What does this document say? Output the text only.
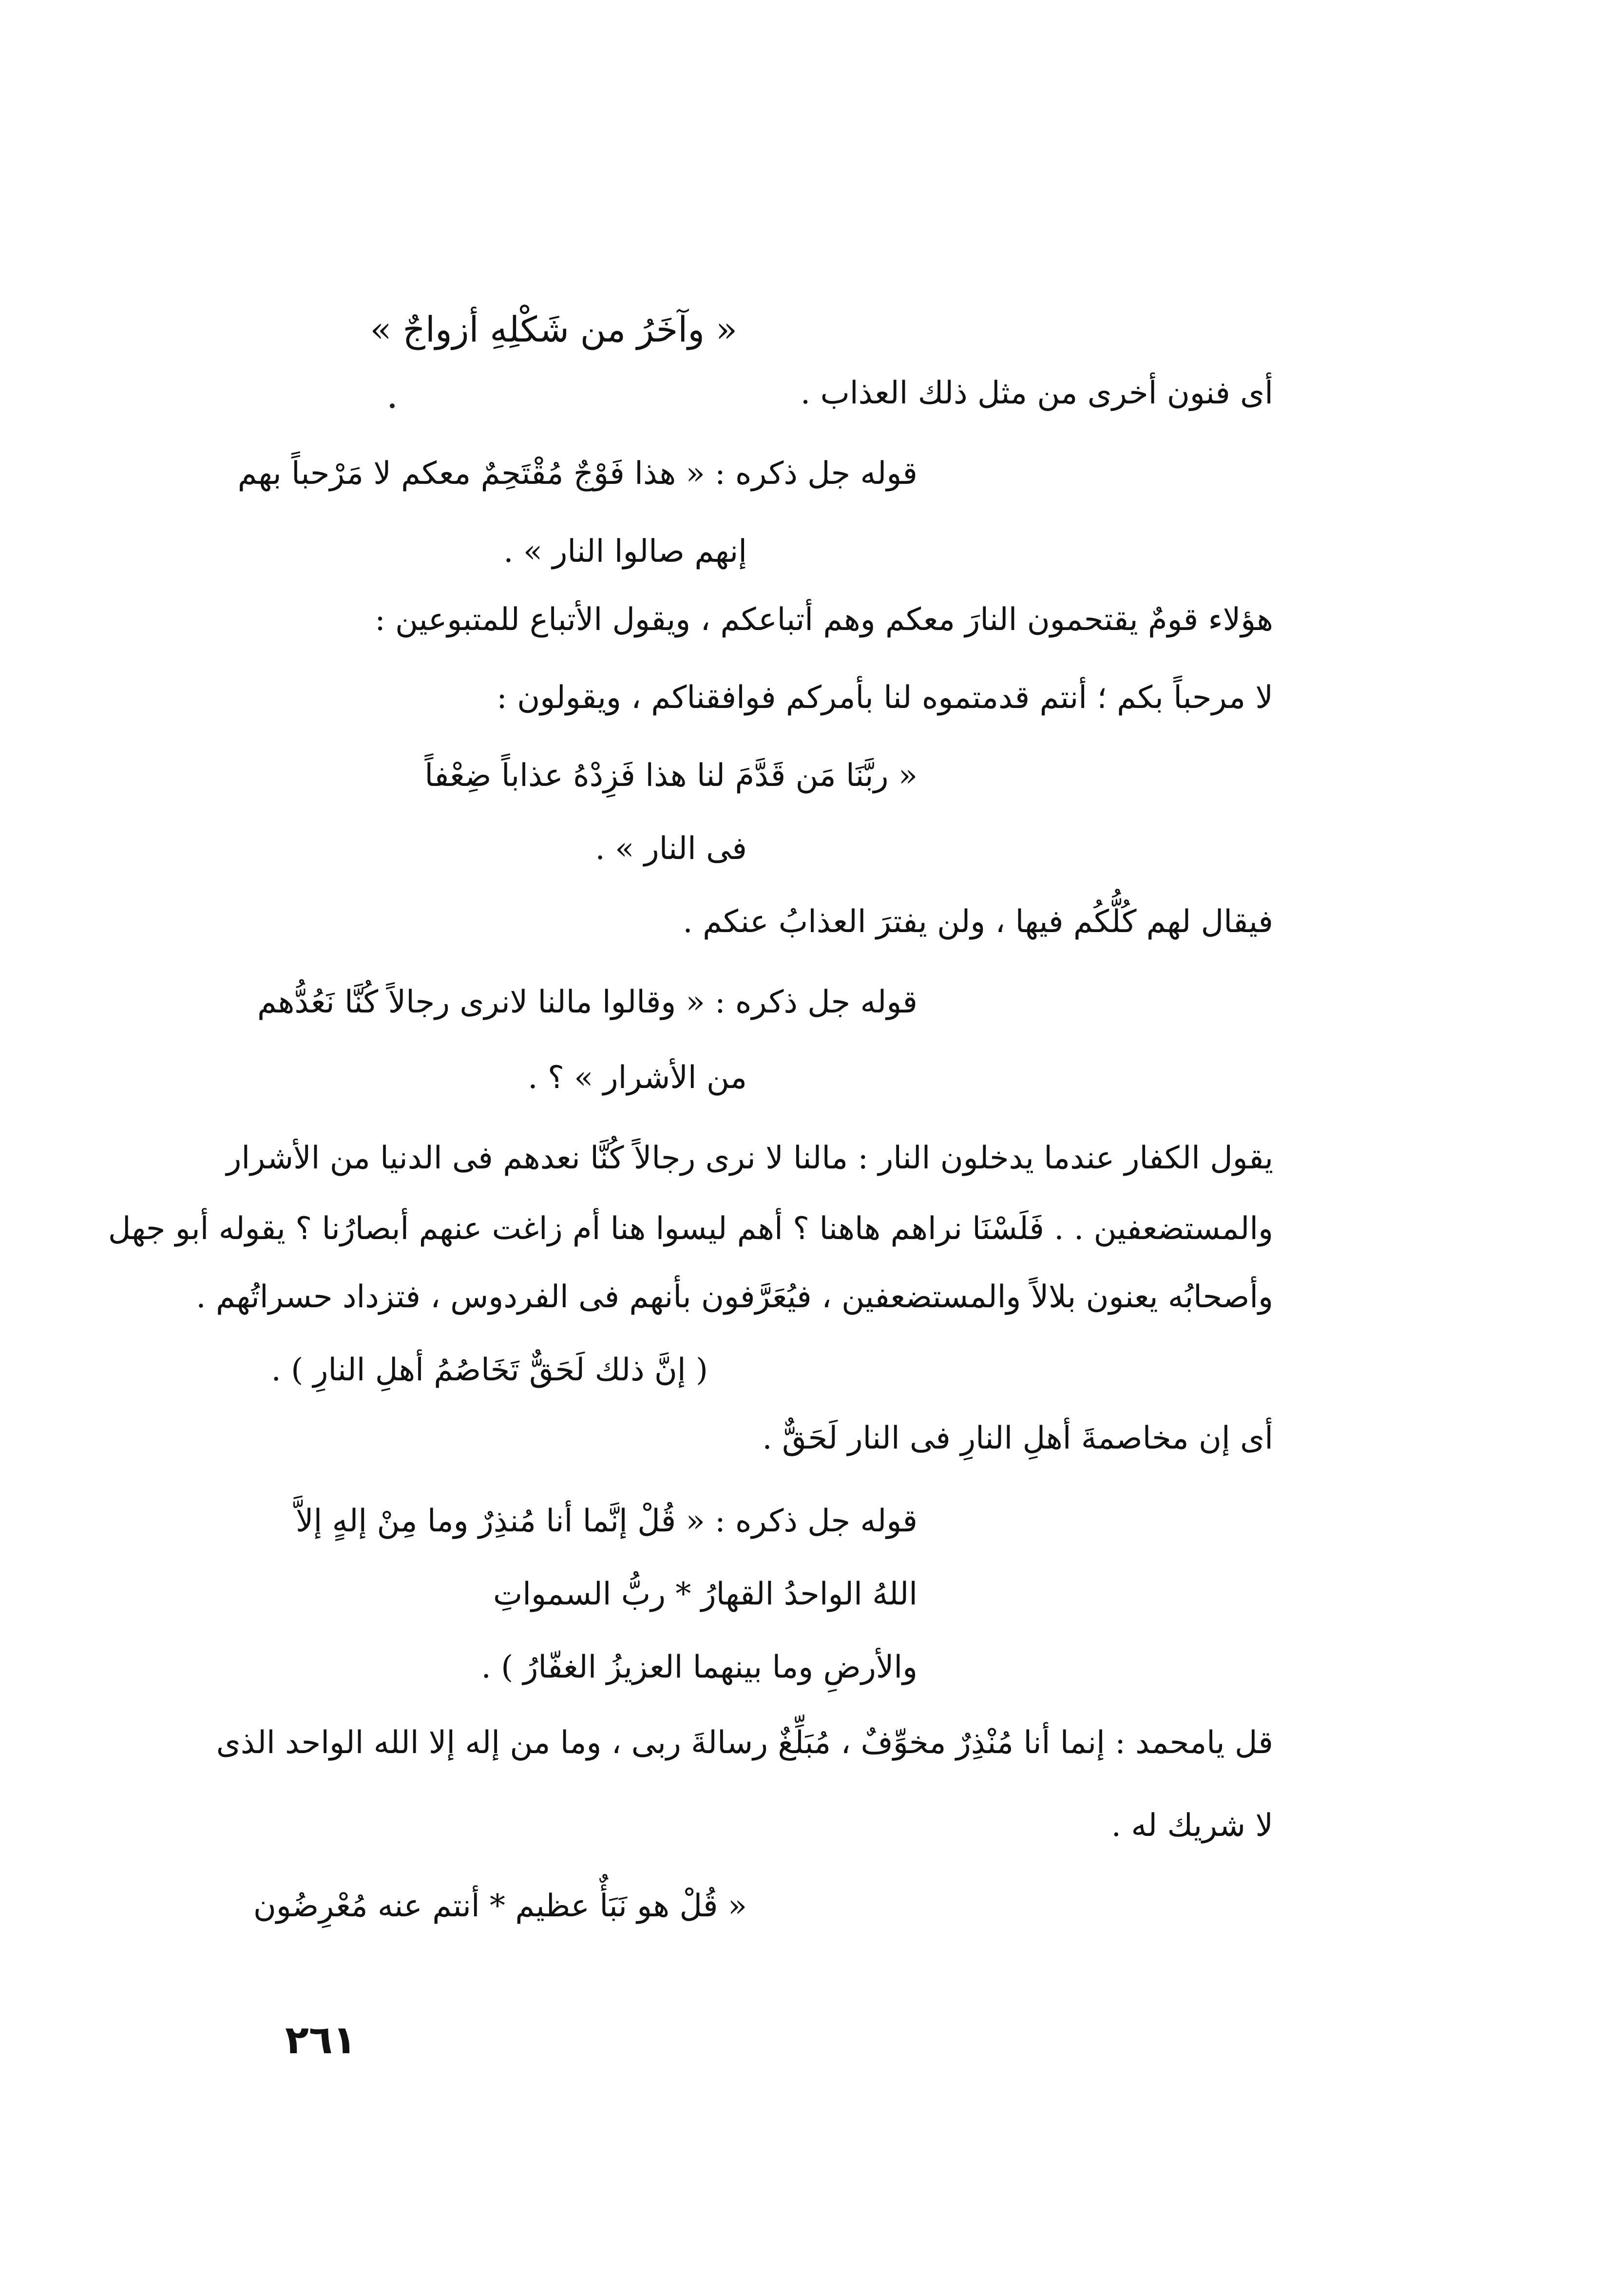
« وآخَرُ من شَكْلِهِ أزواجٌ »
أى فنون أخرى من مثل ذلك العذاب .
قوله جل ذكره : « هذا فَوْجٌ مُقْتَحِمٌ معكم لا مَرْحباً بهم
إنهم صالوا النار » .
هؤلاء قومٌ يقتحمون النارَ معكم وهم أتباعكم ، ويقول الأتباع للمتبوعين :
لا مرحباً بكم ؛ أنتم قدمتموه لنا بأمركم فوافقناكم ، ويقولون :
« ربَّنَا مَن قَدَّمَ لنا هذا فَزِدْهُ عذاباً ضِعْفاً
فى النار » .
فيقال لهم كُلُّكُم فيها ، ولن يفترَ العذابُ عنكم .
قوله جل ذكره : « وقالوا مالنا لانرى رجالاً كُنَّا نَعُدُّهم
من الأشرار » ؟ .
يقول الكفار عندما يدخلون النار : مالنا لا نرى رجالاً كُنَّا نعدهم فى الدنيا من الأشرار
والمستضعفين . . فَلَسْنَا نراهم هاهنا ؟ أهم ليسوا هنا أم زاغت عنهم أبصارُنا ؟ يقوله أبو جهل
وأصحابُه يعنون بلالاً والمستضعفين ، فيُعَرَّفون بأنهم فى الفردوس ، فتزداد حسراتُهم .
( إنَّ ذلك لَحَقٌّ تَخَاصُمُ أهلِ النارِ ) .
أى إن مخاصمةَ أهلِ النارِ فى النار لَحَقٌّ .
قوله جل ذكره : « قُلْ إنَّما أنا مُنذِرٌ وما مِنْ إلهٍ إلاَّ
اللهُ الواحدُ القهارُ * ربُّ السمواتِ
والأرضِ وما بينهما العزيزُ الغفّارُ ) .
قل يامحمد : إنما أنا مُنْذِرٌ مخوِّفٌ ، مُبَلِّغٌ رسالةَ ربى ، وما من إله إلا الله الواحد الذى
لا شريك له .
« قُلْ هو نَبَأٌ عظيم * أنتم عنه مُعْرِضُون
٢٦١
